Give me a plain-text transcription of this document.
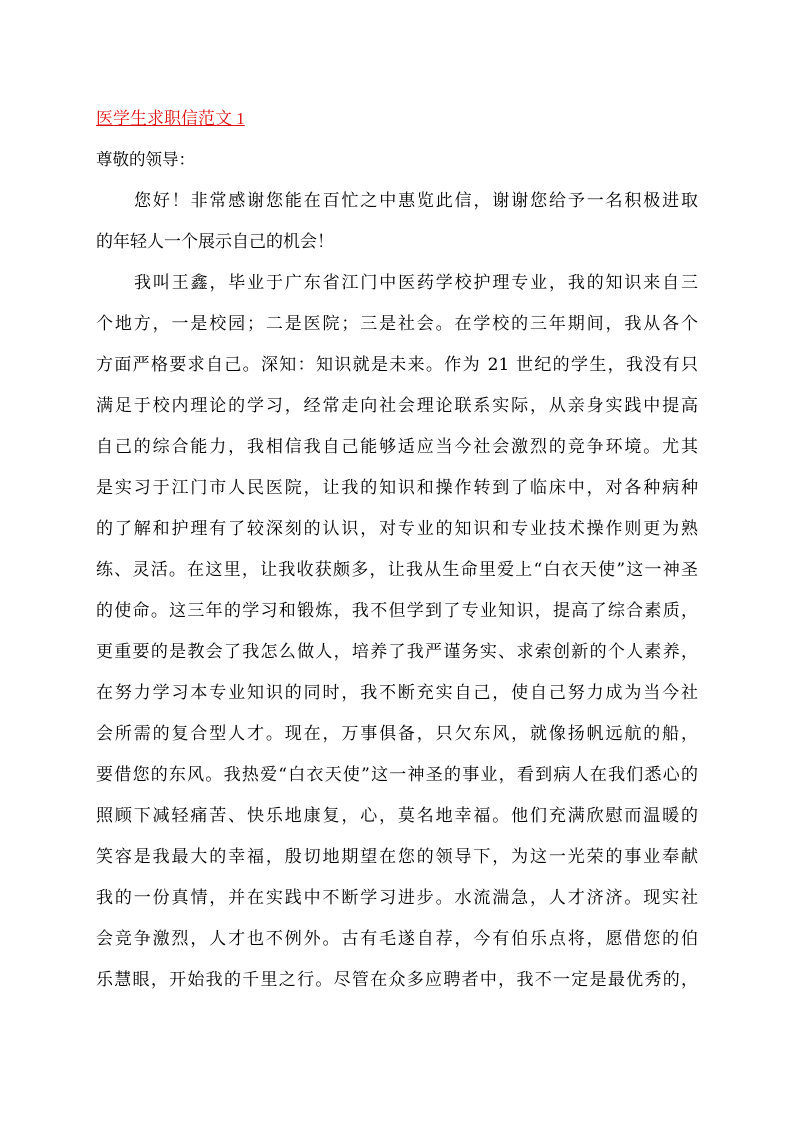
医学生求职信范文 1
尊敬的领导：
您好！非常感谢您能在百忙之中惠览此信，谢谢您给予一名积极进取
的年轻人一个展示自己的机会！
我叫王鑫，毕业于广东省江门中医药学校护理专业，我的知识来自三
个地方，一是校园；二是医院；三是社会。在学校的三年期间，我从各个
方面严格要求自己。深知：知识就是未来。作为 21 世纪的学生，我没有只
满足于校内理论的学习，经常走向社会理论联系实际，从亲身实践中提高
自己的综合能力，我相信我自己能够适应当今社会激烈的竞争环境。尤其
是实习于江门市人民医院，让我的知识和操作转到了临床中，对各种病种
的了解和护理有了较深刻的认识，对专业的知识和专业技术操作则更为熟
练、灵活。在这里，让我收获颇多，让我从生命里爱上“白衣天使”这一神圣
的使命。这三年的学习和锻炼，我不但学到了专业知识，提高了综合素质，
更重要的是教会了我怎么做人，培养了我严谨务实、求索创新的个人素养，
在努力学习本专业知识的同时，我不断充实自己，使自己努力成为当今社
会所需的复合型人才。现在，万事俱备，只欠东风，就像扬帆远航的船，
要借您的东风。我热爱“白衣天使”这一神圣的事业，看到病人在我们悉心的
照顾下减轻痛苦、快乐地康复，心，莫名地幸福。他们充满欣慰而温暖的
笑容是我最大的幸福，殷切地期望在您的领导下，为这一光荣的事业奉献
我的一份真情，并在实践中不断学习进步。水流湍急，人才济济。现实社
会竞争激烈，人才也不例外。古有毛遂自荐，今有伯乐点将，愿借您的伯
乐慧眼，开始我的千里之行。尽管在众多应聘者中，我不一定是最优秀的，
